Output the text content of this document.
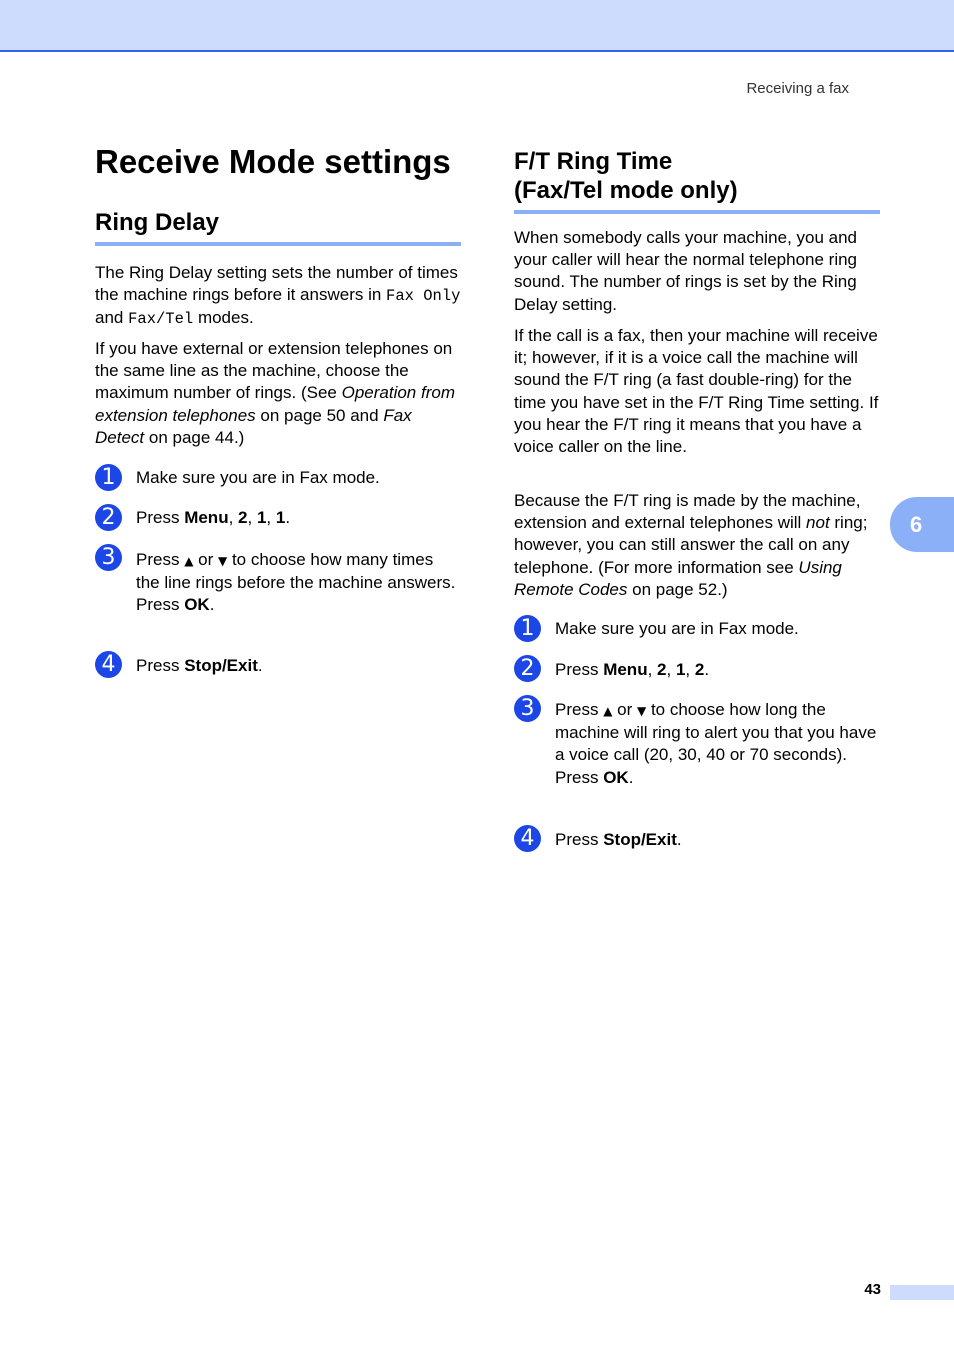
Receiving a fax
Receive Mode settings
Ring Delay

The Ring Delay setting sets the number of times the machine rings before it answers in Fax Only and Fax/Tel modes.

If you have external or extension telephones on the same line as the machine, choose the maximum number of rings. (See Operation from extension telephones on page 50 and Fax Detect on page 44.)

1	Make sure you are in Fax mode.
2	Press Menu, 2, 1, 1.
3	Press ▲ or ▼ to choose how many times the line rings before the machine answers.
Press OK.
4	Press Stop/Exit.
F/T Ring Time
(Fax/Tel mode only)

When somebody calls your machine, you and your caller will hear the normal telephone ring sound. The number of rings is set by the Ring Delay setting.

If the call is a fax, then your machine will receive it; however, if it is a voice call the machine will sound the F/T ring (a fast double-ring) for the time you have set in the F/T Ring Time setting. If you hear the F/T ring it means that you have a voice caller on the line.

Because the F/T ring is made by the machine, extension and external telephones will not ring; however, you can still answer the call on any telephone. (For more information see Using Remote Codes on page 52.)

1	Make sure you are in Fax mode.
2	Press Menu, 2, 1, 2.
3	Press ▲ or ▼ to choose how long the machine will ring to alert you that you have a voice call (20, 30, 40 or 70 seconds).
Press OK.
4	Press Stop/Exit.
6
43
